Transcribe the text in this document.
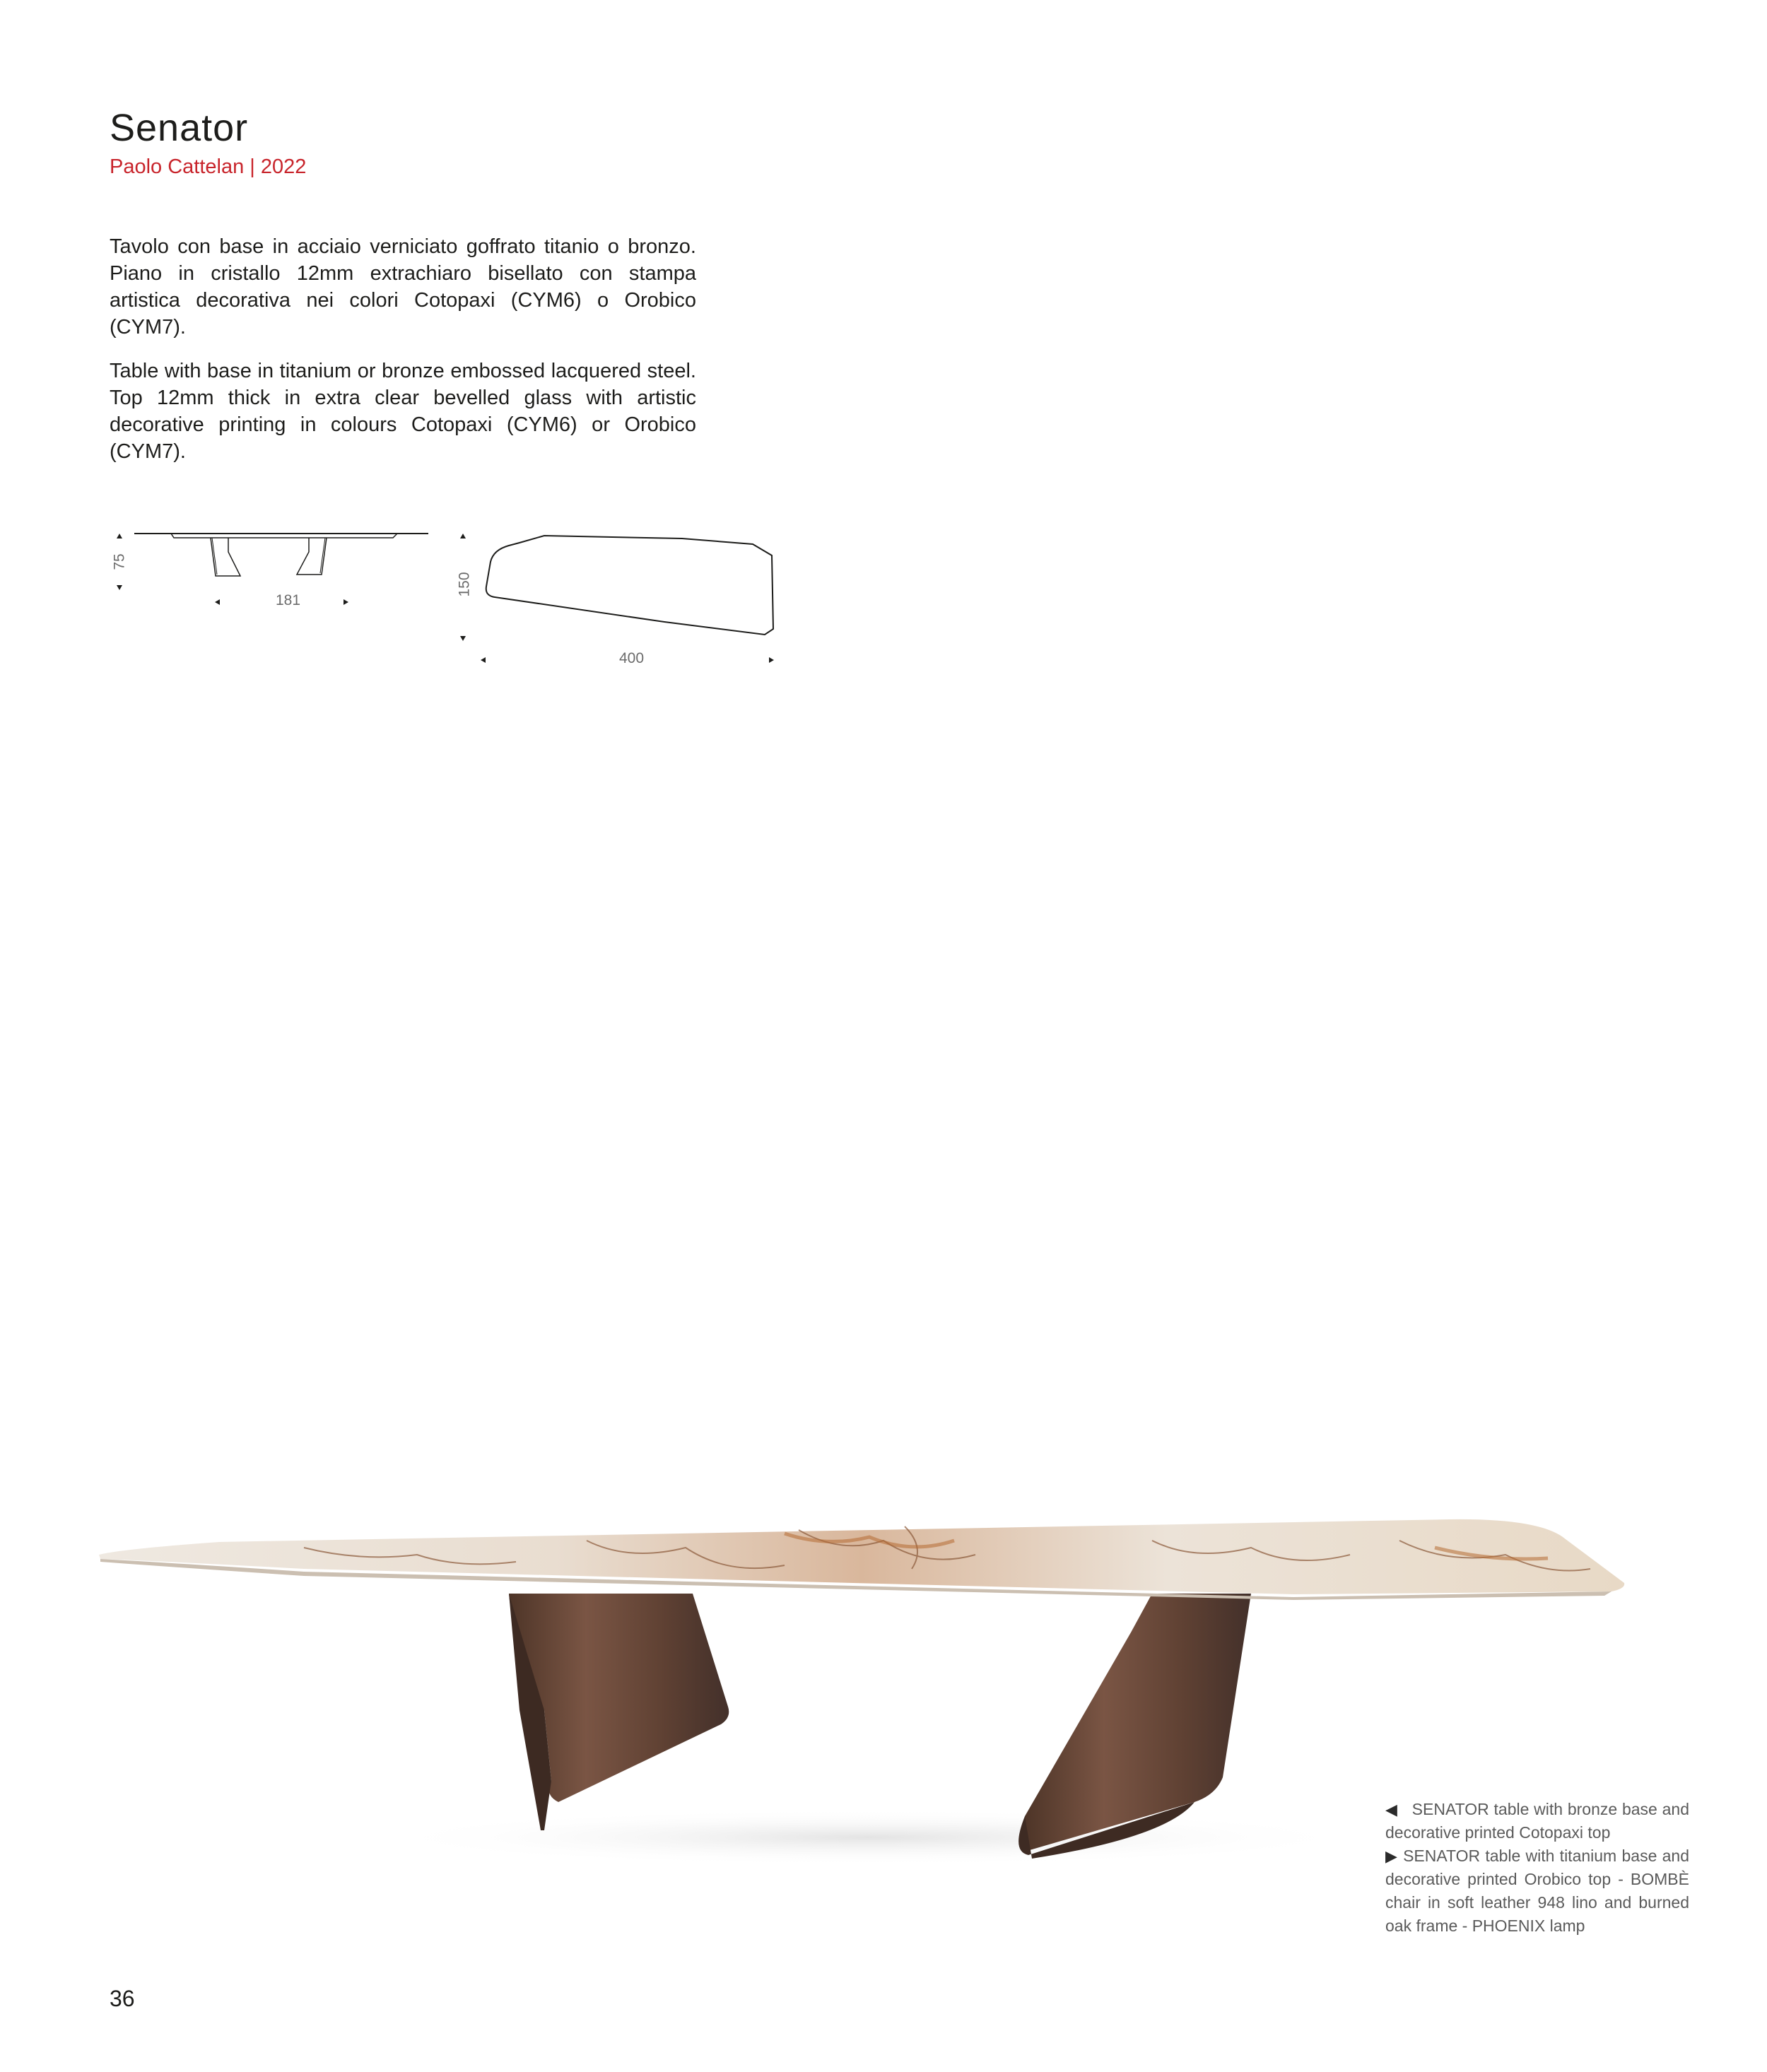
Senator
Paolo Cattelan | 2022
Tavolo con base in acciaio verniciato goffrato titanio o bronzo. Piano in cristallo 12mm extrachiaro bisellato con stampa artistica decorativa nei colori Cotopaxi (CYM6) o Orobico (CYM7).
Table with base in titanium or bronze embossed lacquered steel. Top 12mm thick in extra clear bevelled glass with artistic decorative printing in colours Cotopaxi (CYM6) or Orobico (CYM7).
75
181
150
400
◀ SENATOR table with bronze base and decorative printed Cotopaxi top
▶ SENATOR table with titanium base and decorative printed Orobico top - BOMBÈ chair in soft leather 948 lino and burned oak frame - PHOENIX lamp
36
